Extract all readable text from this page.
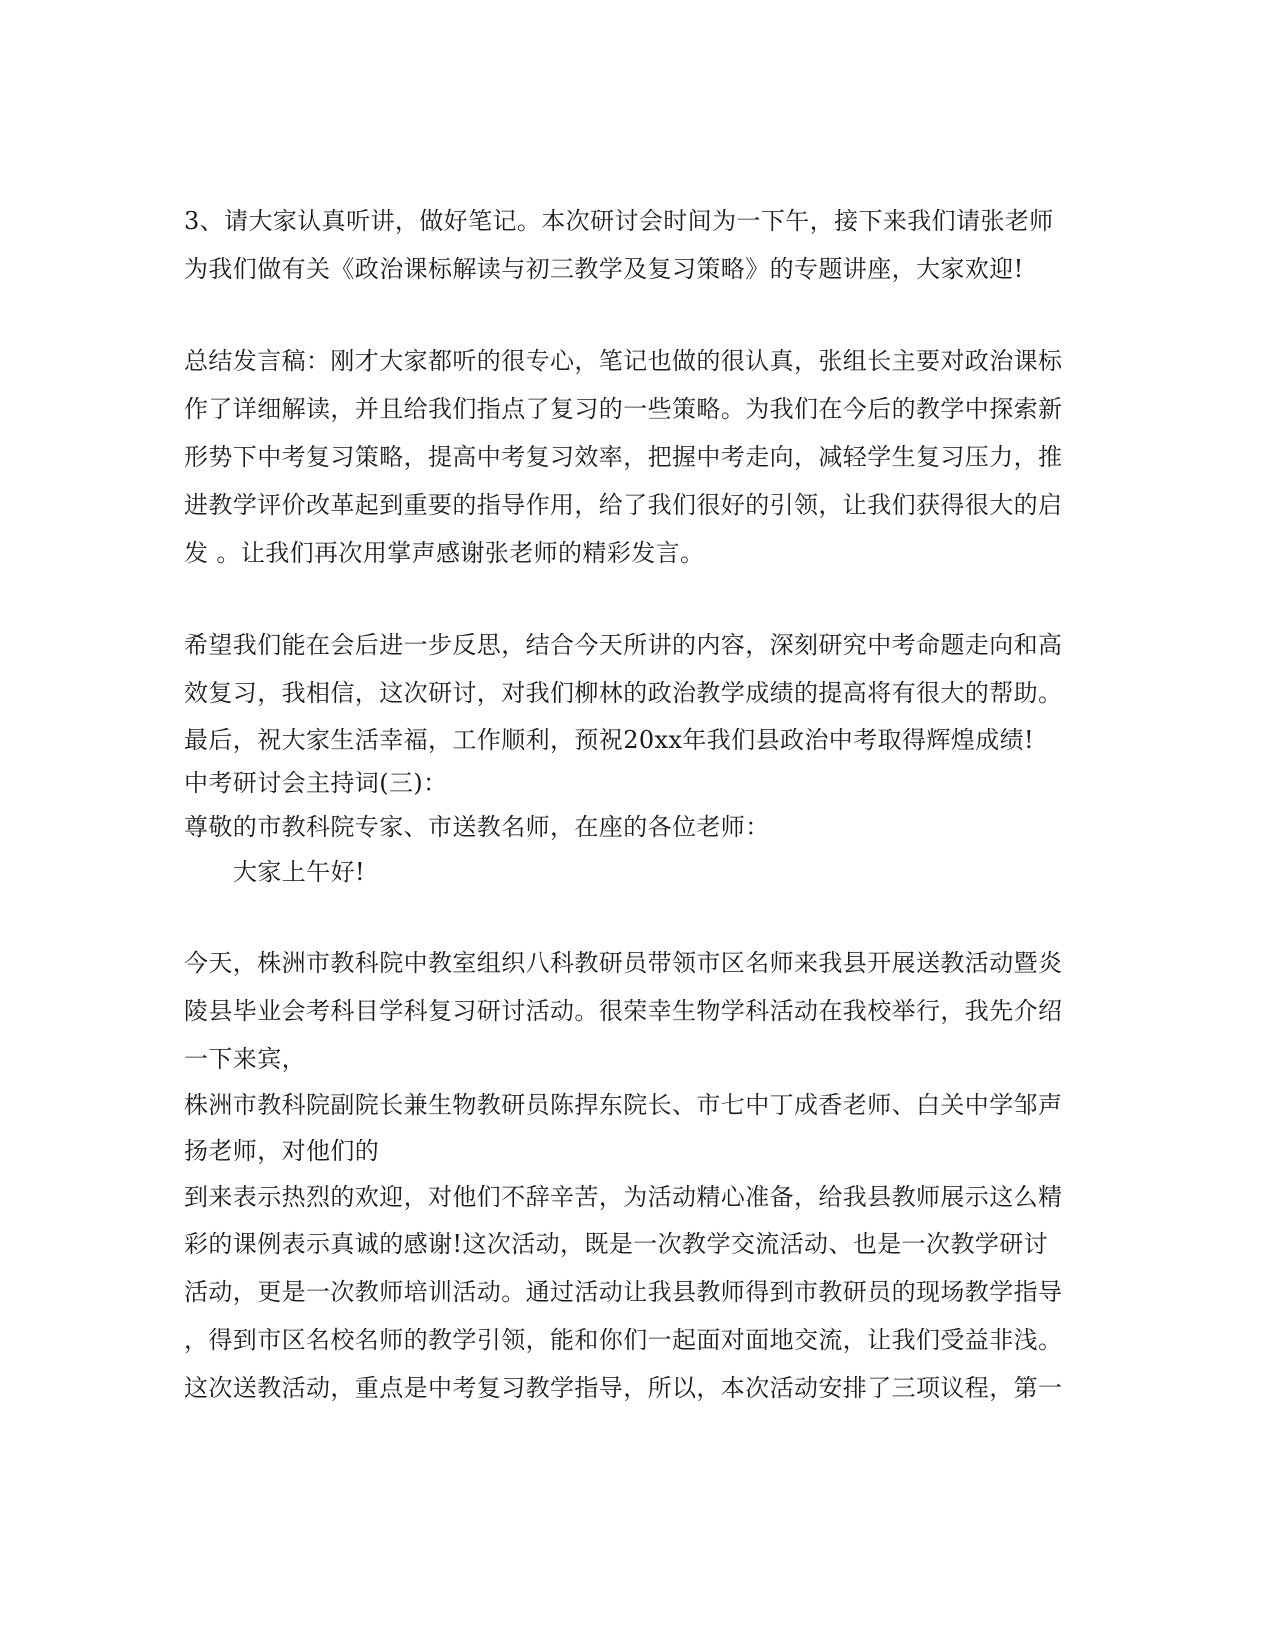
3、请大家认真听讲，做好笔记。本次研讨会时间为一下午，接下来我们请张老师
为我们做有关《政治课标解读与初三教学及复习策略》的专题讲座，大家欢迎!
总结发言稿：刚才大家都听的很专心，笔记也做的很认真，张组长主要对政治课标
作了详细解读，并且给我们指点了复习的一些策略。为我们在今后的教学中探索新
形势下中考复习策略，提高中考复习效率，把握中考走向，减轻学生复习压力，推
进教学评价改革起到重要的指导作用，给了我们很好的引领，让我们获得很大的启
发 。让我们再次用掌声感谢张老师的精彩发言。
希望我们能在会后进一步反思，结合今天所讲的内容，深刻研究中考命题走向和高
效复习，我相信，这次研讨，对我们柳林的政治教学成绩的提高将有很大的帮助。
最后，祝大家生活幸福，工作顺利，预祝20xx年我们县政治中考取得辉煌成绩!
中考研讨会主持词(三)：
尊敬的市教科院专家、市送教名师，在座的各位老师：
大家上午好!
今天，株洲市教科院中教室组织八科教研员带领市区名师来我县开展送教活动暨炎
陵县毕业会考科目学科复习研讨活动。很荣幸生物学科活动在我校举行，我先介绍
一下来宾，
株洲市教科院副院长兼生物教研员陈捍东院长、市七中丁成香老师、白关中学邹声
扬老师，对他们的
到来表示热烈的欢迎，对他们不辞辛苦，为活动精心准备，给我县教师展示这么精
彩的课例表示真诚的感谢!这次活动，既是一次教学交流活动、也是一次教学研讨
活动，更是一次教师培训活动。通过活动让我县教师得到市教研员的现场教学指导
，得到市区名校名师的教学引领，能和你们一起面对面地交流，让我们受益非浅。
这次送教活动，重点是中考复习教学指导，所以，本次活动安排了三项议程，第一
